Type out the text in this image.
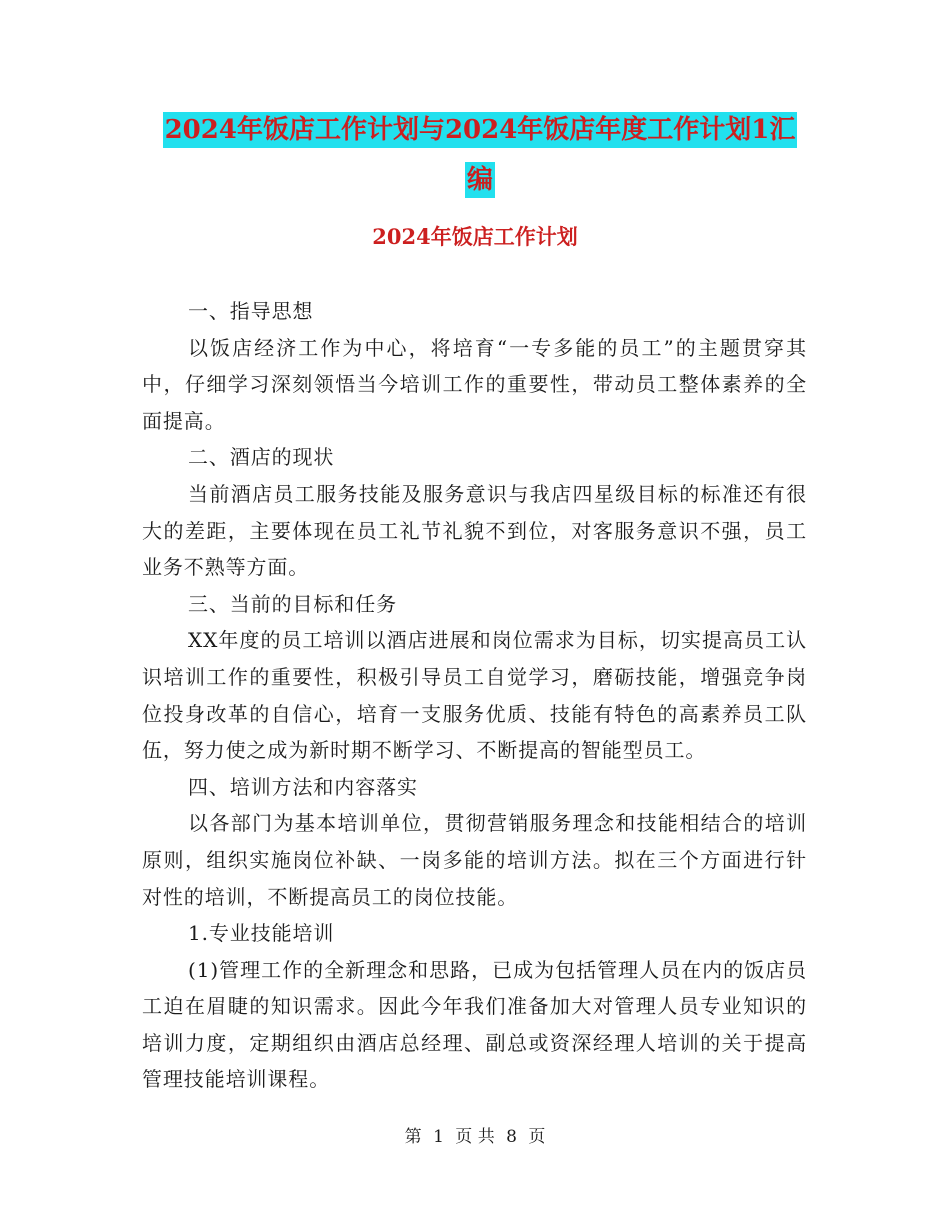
2024年饭店工作计划与2024年饭店年度工作计划1汇
编
2024年饭店工作计划

一、指导思想

以饭店经济工作为中心，将培育“一专多能的员工”的主题贯穿其中，仔细学习深刻领悟当今培训工作的重要性，带动员工整体素养的全面提高。

二、酒店的现状

当前酒店员工服务技能及服务意识与我店四星级目标的标准还有很大的差距，主要体现在员工礼节礼貌不到位，对客服务意识不强，员工业务不熟等方面。

三、当前的目标和任务

XX年度的员工培训以酒店进展和岗位需求为目标，切实提高员工认识培训工作的重要性，积极引导员工自觉学习，磨砺技能，增强竞争岗位投身改革的自信心，培育一支服务优质、技能有特色的高素养员工队伍，努力使之成为新时期不断学习、不断提高的智能型员工。

四、培训方法和内容落实

以各部门为基本培训单位，贯彻营销服务理念和技能相结合的培训原则，组织实施岗位补缺、一岗多能的培训方法。拟在三个方面进行针对性的培训，不断提高员工的岗位技能。

1.专业技能培训

(1)管理工作的全新理念和思路，已成为包括管理人员在内的饭店员工迫在眉睫的知识需求。因此今年我们准备加大对管理人员专业知识的培训力度，定期组织由酒店总经理、副总或资深经理人培训的关于提高管理技能培训课程。

第 1 页 共 8 页
